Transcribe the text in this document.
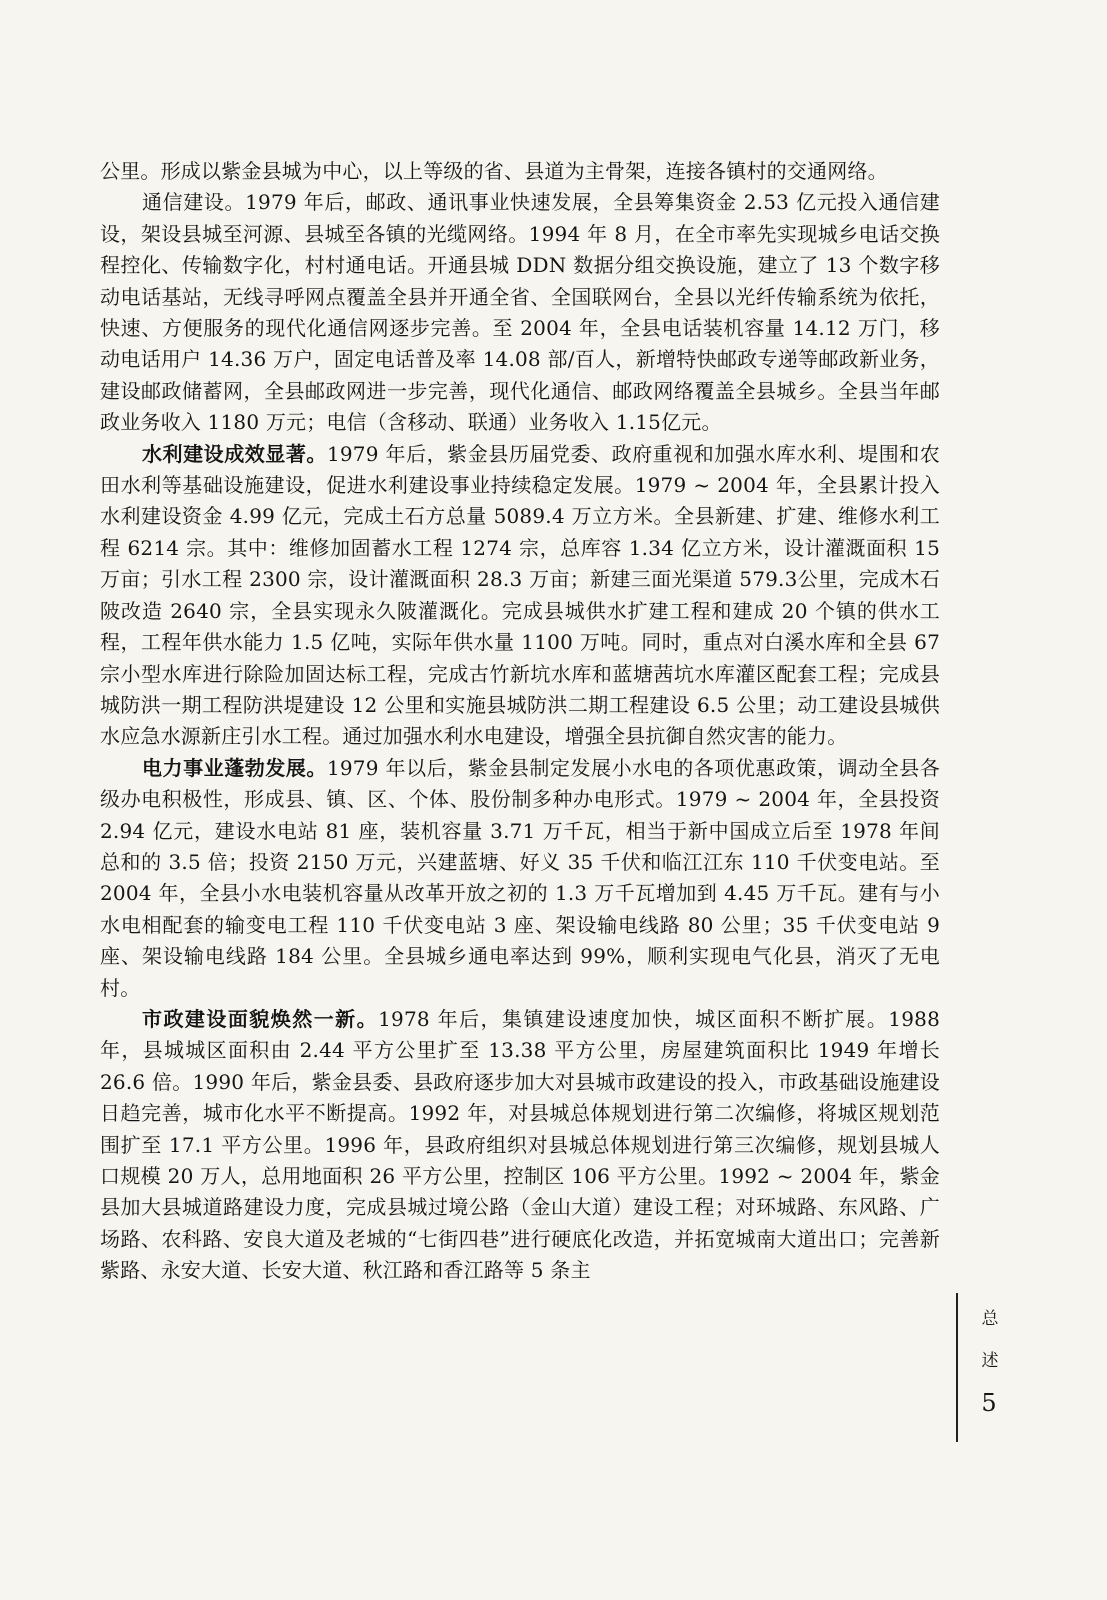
公里。形成以紫金县城为中心，以上等级的省、县道为主骨架，连接各镇村的交通网络。

通信建设。1979 年后，邮政、通讯事业快速发展，全县筹集资金 2.53 亿元投入通信建设，架设县城至河源、县城至各镇的光缆网络。1994 年 8 月，在全市率先实现城乡电话交换程控化、传输数字化，村村通电话。开通县城 DDN 数据分组交换设施，建立了 13 个数字移动电话基站，无线寻呼网点覆盖全县并开通全省、全国联网台，全县以光纤传输系统为依托，快速、方便服务的现代化通信网逐步完善。至 2004 年，全县电话装机容量 14.12 万门，移动电话用户 14.36 万户，固定电话普及率 14.08 部/百人，新增特快邮政专递等邮政新业务，建设邮政储蓄网，全县邮政网进一步完善，现代化通信、邮政网络覆盖全县城乡。全县当年邮政业务收入 1180 万元；电信（含移动、联通）业务收入 1.15亿元。

水利建设成效显著。1979 年后，紫金县历届党委、政府重视和加强水库水利、堤围和农田水利等基础设施建设，促进水利建设事业持续稳定发展。1979 ~ 2004 年，全县累计投入水利建设资金 4.99 亿元，完成土石方总量 5089.4 万立方米。全县新建、扩建、维修水利工程 6214 宗。其中：维修加固蓄水工程 1274 宗，总库容 1.34 亿立方米，设计灌溉面积 15 万亩；引水工程 2300 宗，设计灌溉面积 28.3 万亩；新建三面光渠道 579.3公里，完成木石陂改造 2640 宗，全县实现永久陂灌溉化。完成县城供水扩建工程和建成 20 个镇的供水工程，工程年供水能力 1.5 亿吨，实际年供水量 1100 万吨。同时，重点对白溪水库和全县 67 宗小型水库进行除险加固达标工程，完成古竹新坑水库和蓝塘茜坑水库灌区配套工程；完成县城防洪一期工程防洪堤建设 12 公里和实施县城防洪二期工程建设 6.5 公里；动工建设县城供水应急水源新庄引水工程。通过加强水利水电建设，增强全县抗御自然灾害的能力。

电力事业蓬勃发展。1979 年以后，紫金县制定发展小水电的各项优惠政策，调动全县各级办电积极性，形成县、镇、区、个体、股份制多种办电形式。1979 ~ 2004 年，全县投资 2.94 亿元，建设水电站 81 座，装机容量 3.71 万千瓦，相当于新中国成立后至 1978 年间总和的 3.5 倍；投资 2150 万元，兴建蓝塘、好义 35 千伏和临江江东 110 千伏变电站。至 2004 年，全县小水电装机容量从改革开放之初的 1.3 万千瓦增加到 4.45 万千瓦。建有与小水电相配套的输变电工程 110 千伏变电站 3 座、架设输电线路 80 公里；35 千伏变电站 9 座、架设输电线路 184 公里。全县城乡通电率达到 99%，顺利实现电气化县，消灭了无电村。

市政建设面貌焕然一新。1978 年后，集镇建设速度加快，城区面积不断扩展。1988 年，县城城区面积由 2.44 平方公里扩至 13.38 平方公里，房屋建筑面积比 1949 年增长 26.6 倍。1990 年后，紫金县委、县政府逐步加大对县城市政建设的投入，市政基础设施建设日趋完善，城市化水平不断提高。1992 年，对县城总体规划进行第二次编修，将城区规划范围扩至 17.1 平方公里。1996 年，县政府组织对县城总体规划进行第三次编修，规划县城人口规模 20 万人，总用地面积 26 平方公里，控制区 106 平方公里。1992 ~ 2004 年，紫金县加大县城道路建设力度，完成县城过境公路（金山大道）建设工程；对环城路、东风路、广场路、农科路、安良大道及老城的“七街四巷”进行硬底化改造，并拓宽城南大道出口；完善新紫路、永安大道、长安大道、秋江路和香江路等 5 条主

总
述
5
